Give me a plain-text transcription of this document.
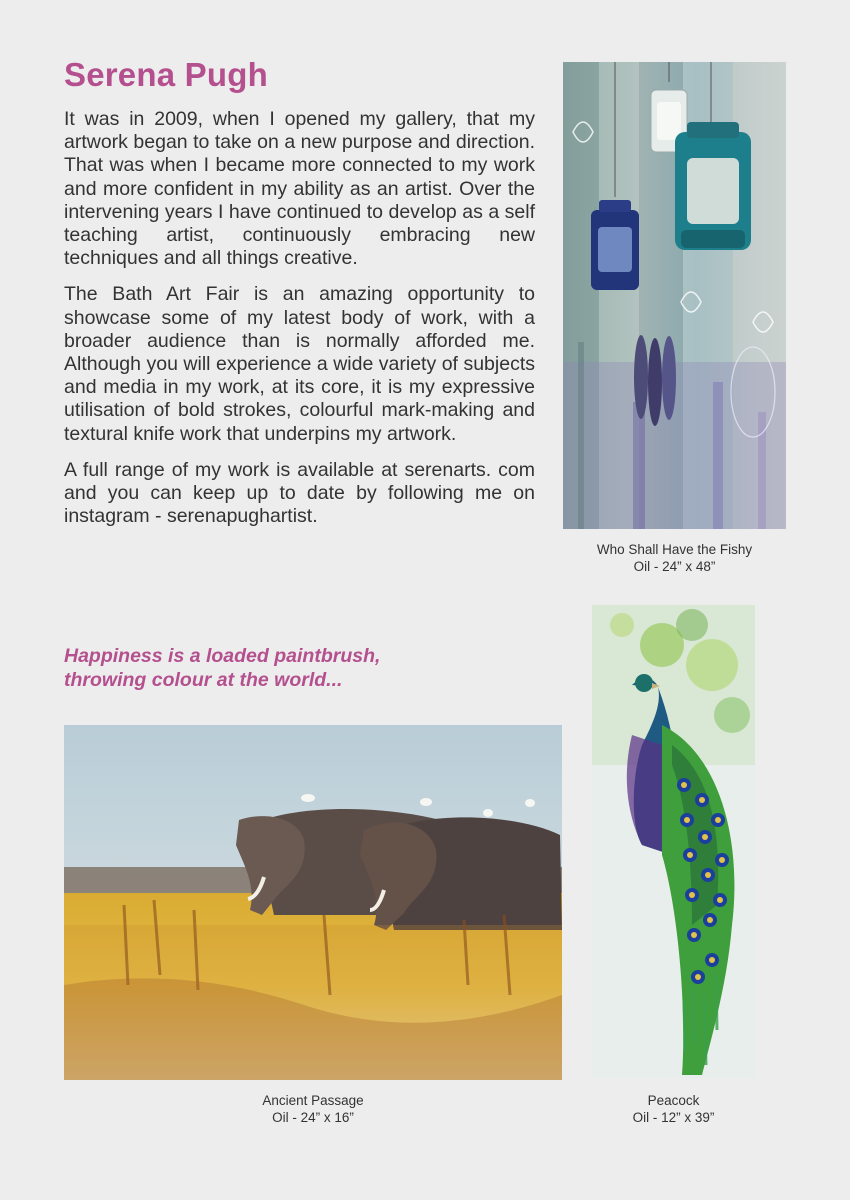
Serena Pugh

It was in 2009, when I opened my gallery, that my artwork began to take on a new purpose and direction. That was when I became more connected to my work and more confident in my ability as an artist. Over the intervening years I have continued to develop as a self teaching artist, continuously embracing new techniques and all things creative.

The Bath Art Fair is an amazing opportunity to showcase some of my latest body of work, with a broader audience than is normally afforded me. Although you will experience a wide variety of subjects and media in my work, at its core, it is my expressive utilisation of bold strokes, colourful mark-making and textural knife work that underpins my artwork.

A full range of my work is available at serenarts. com and you can keep up to date by following me on instagram - serenapughartist.

Happiness is a loaded paintbrush,
throwing colour at the world...
Who Shall Have the Fishy
Oil - 24” x 48”
Ancient Passage
Oil - 24” x 16”
Peacock
Oil - 12” x 39”
